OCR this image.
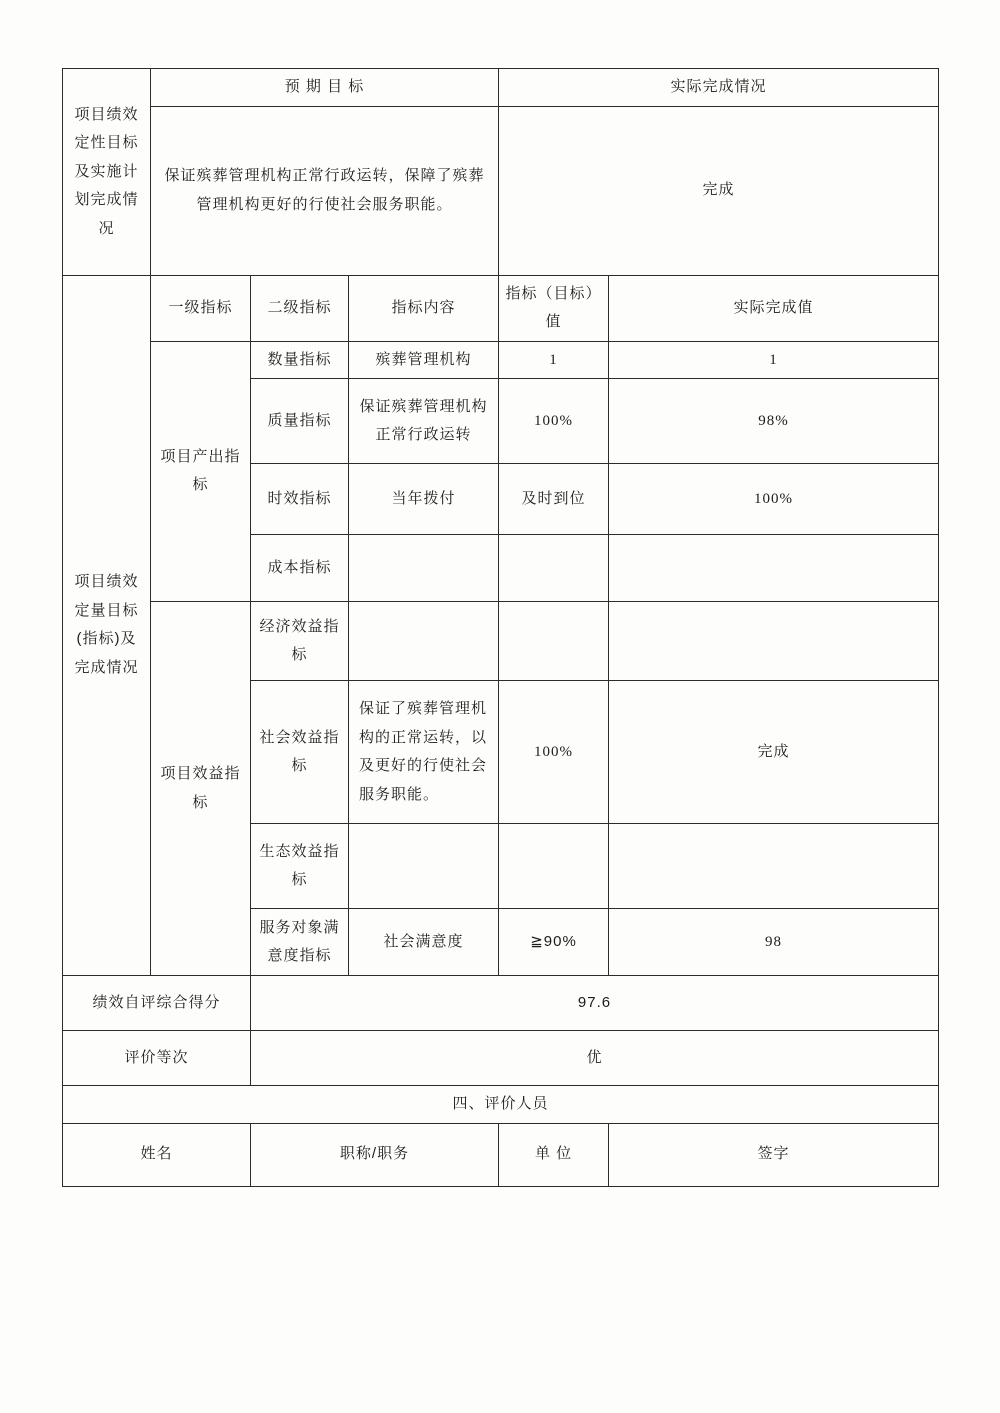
项目绩效定性目标及实施计划完成情况	预 期 目 标			实际完成情况	
	保证殡葬管理机构正常行政运转，保障了殡葬管理机构更好的行使社会服务职能。			完成	
项目绩效定量目标(指标)及完成情况	一级指标	二级指标	指标内容	指标（目标）值	实际完成值
	项目产出指标	数量指标	殡葬管理机构	1	1
		质量指标	保证殡葬管理机构正常行政运转	100%	98%
		时效指标	当年拨付	及时到位	100%
		成本指标			
	项目效益指标	经济效益指标			
		社会效益指标	保证了殡葬管理机构的正常运转，以及更好的行使社会服务职能。	100%	完成
		生态效益指标			
		服务对象满意度指标	社会满意度	≧90%	98
绩效自评综合得分		97.6			
评价等次		优			
四、评价人员					
姓名		职称/职务		单 位	签字
